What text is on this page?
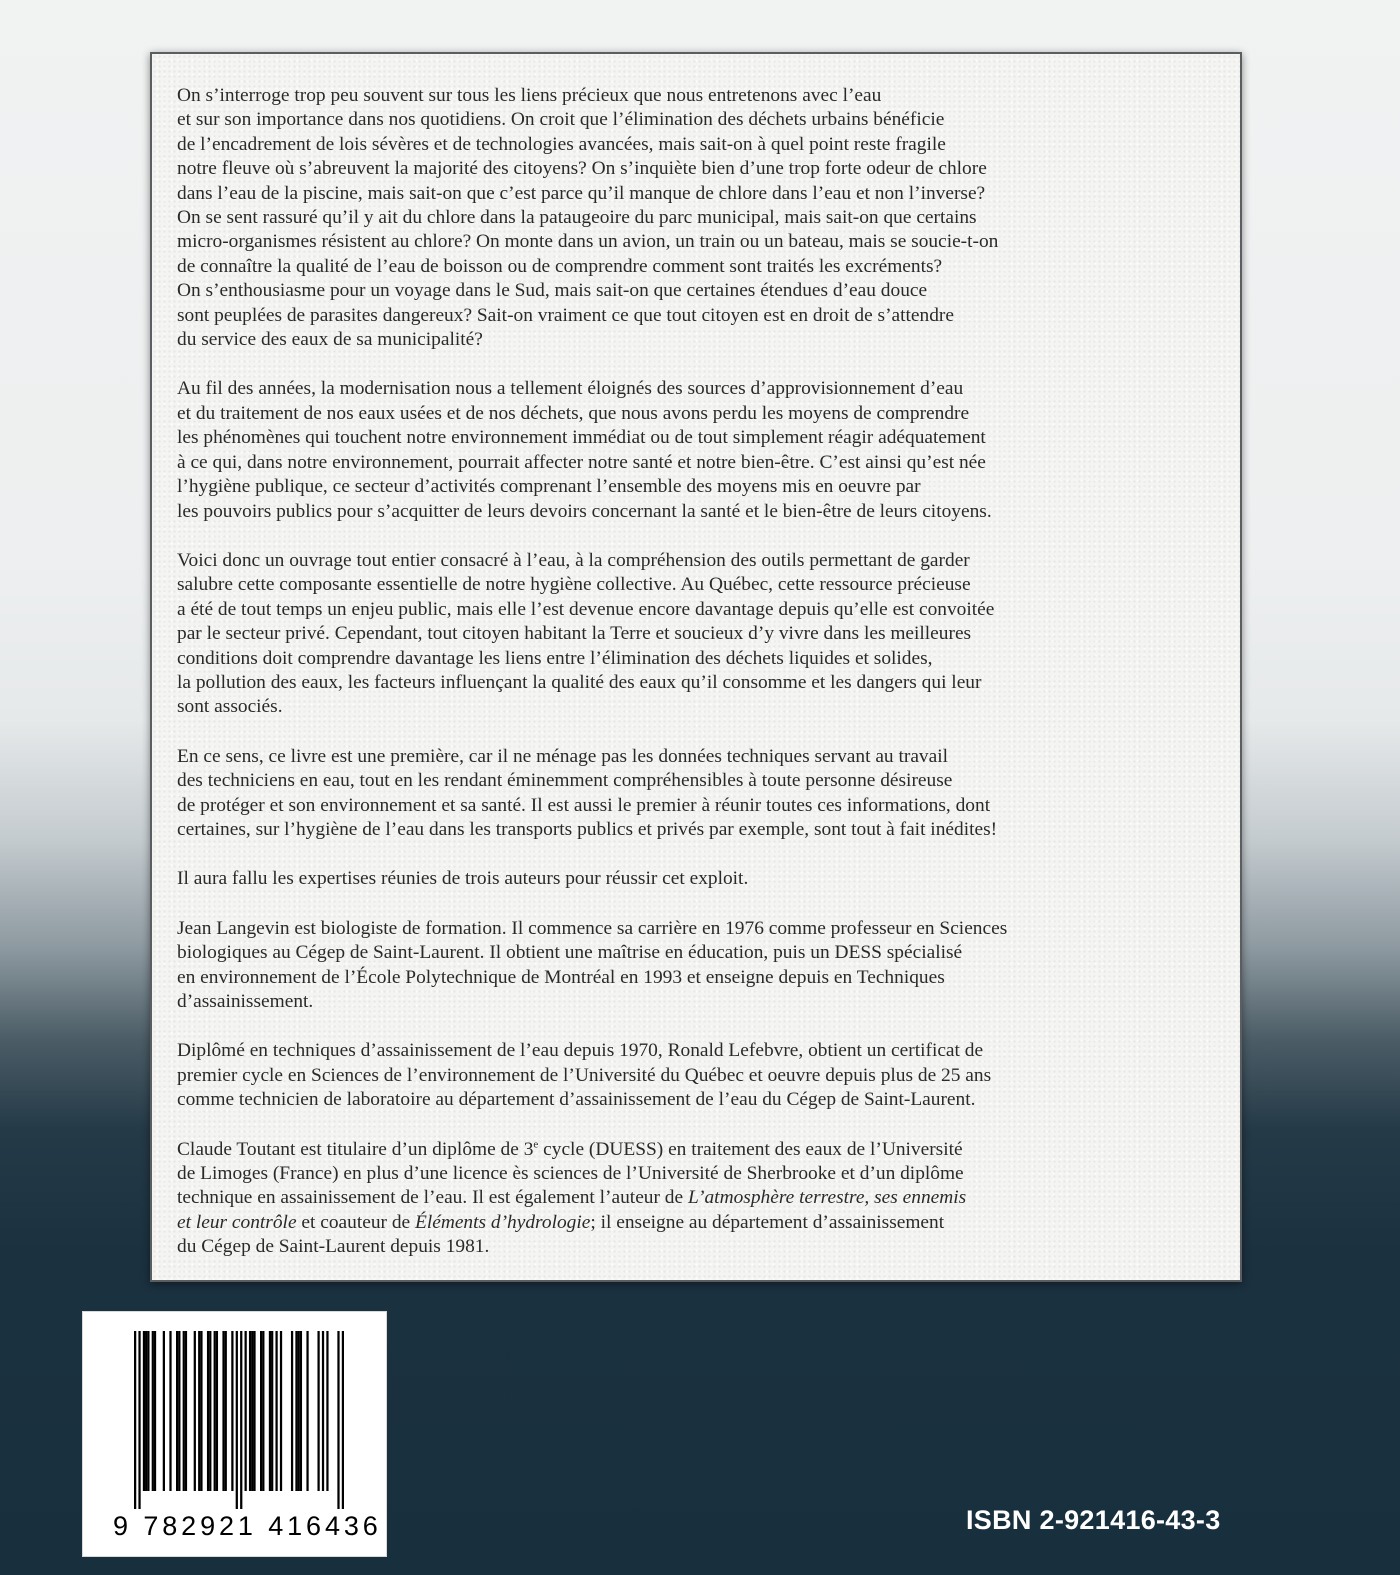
On s’interroge trop peu souvent sur tous les liens précieux que nous entretenons avec l’eau
et sur son importance dans nos quotidiens. On croit que l’élimination des déchets urbains bénéficie
de l’encadrement de lois sévères et de technologies avancées, mais sait-on à quel point reste fragile
notre fleuve où s’abreuvent la majorité des citoyens? On s’inquiète bien d’une trop forte odeur de chlore
dans l’eau de la piscine, mais sait-on que c’est parce qu’il manque de chlore dans l’eau et non l’inverse?
On se sent rassuré qu’il y ait du chlore dans la pataugeoire du parc municipal, mais sait-on que certains
micro-organismes résistent au chlore? On monte dans un avion, un train ou un bateau, mais se soucie-t-on
de connaître la qualité de l’eau de boisson ou de comprendre comment sont traités les excréments?
On s’enthousiasme pour un voyage dans le Sud, mais sait-on que certaines étendues d’eau douce
sont peuplées de parasites dangereux? Sait-on vraiment ce que tout citoyen est en droit de s’attendre
du service des eaux de sa municipalité?

Au fil des années, la modernisation nous a tellement éloignés des sources d’approvisionnement d’eau
et du traitement de nos eaux usées et de nos déchets, que nous avons perdu les moyens de comprendre
les phénomènes qui touchent notre environnement immédiat ou de tout simplement réagir adéquatement
à ce qui, dans notre environnement, pourrait affecter notre santé et notre bien-être. C’est ainsi qu’est née
l’hygiène publique, ce secteur d’activités comprenant l’ensemble des moyens mis en oeuvre par
les pouvoirs publics pour s’acquitter de leurs devoirs concernant la santé et le bien-être de leurs citoyens.

Voici donc un ouvrage tout entier consacré à l’eau, à la compréhension des outils permettant de garder
salubre cette composante essentielle de notre hygiène collective. Au Québec, cette ressource précieuse
a été de tout temps un enjeu public, mais elle l’est devenue encore davantage depuis qu’elle est convoitée
par le secteur privé. Cependant, tout citoyen habitant la Terre et soucieux d’y vivre dans les meilleures
conditions doit comprendre davantage les liens entre l’élimination des déchets liquides et solides,
la pollution des eaux, les facteurs influençant la qualité des eaux qu’il consomme et les dangers qui leur
sont associés.

En ce sens, ce livre est une première, car il ne ménage pas les données techniques servant au travail
des techniciens en eau, tout en les rendant éminemment compréhensibles à toute personne désireuse
de protéger et son environnement et sa santé. Il est aussi le premier à réunir toutes ces informations, dont
certaines, sur l’hygiène de l’eau dans les transports publics et privés par exemple, sont tout à fait inédites!

Il aura fallu les expertises réunies de trois auteurs pour réussir cet exploit.

Jean Langevin est biologiste de formation. Il commence sa carrière en 1976 comme professeur en Sciences
biologiques au Cégep de Saint-Laurent. Il obtient une maîtrise en éducation, puis un DESS spécialisé
en environnement de l’École Polytechnique de Montréal en 1993 et enseigne depuis en Techniques
d’assainissement.

Diplômé en techniques d’assainissement de l’eau depuis 1970, Ronald Lefebvre, obtient un certificat de
premier cycle en Sciences de l’environnement de l’Université du Québec et oeuvre depuis plus de 25 ans
comme technicien de laboratoire au département d’assainissement de l’eau du Cégep de Saint-Laurent.

Claude Toutant est titulaire d’un diplôme de 3e cycle (DUESS) en traitement des eaux de l’Université
de Limoges (France) en plus d’une licence ès sciences de l’Université de Sherbrooke et d’un diplôme
technique en assainissement de l’eau. Il est également l’auteur de L’atmosphère terrestre, ses ennemis
et leur contrôle et coauteur de Éléments d’hydrologie; il enseigne au département d’assainissement
du Cégep de Saint-Laurent depuis 1981.

9 782921 416436	ISBN 2-921416-43-3
